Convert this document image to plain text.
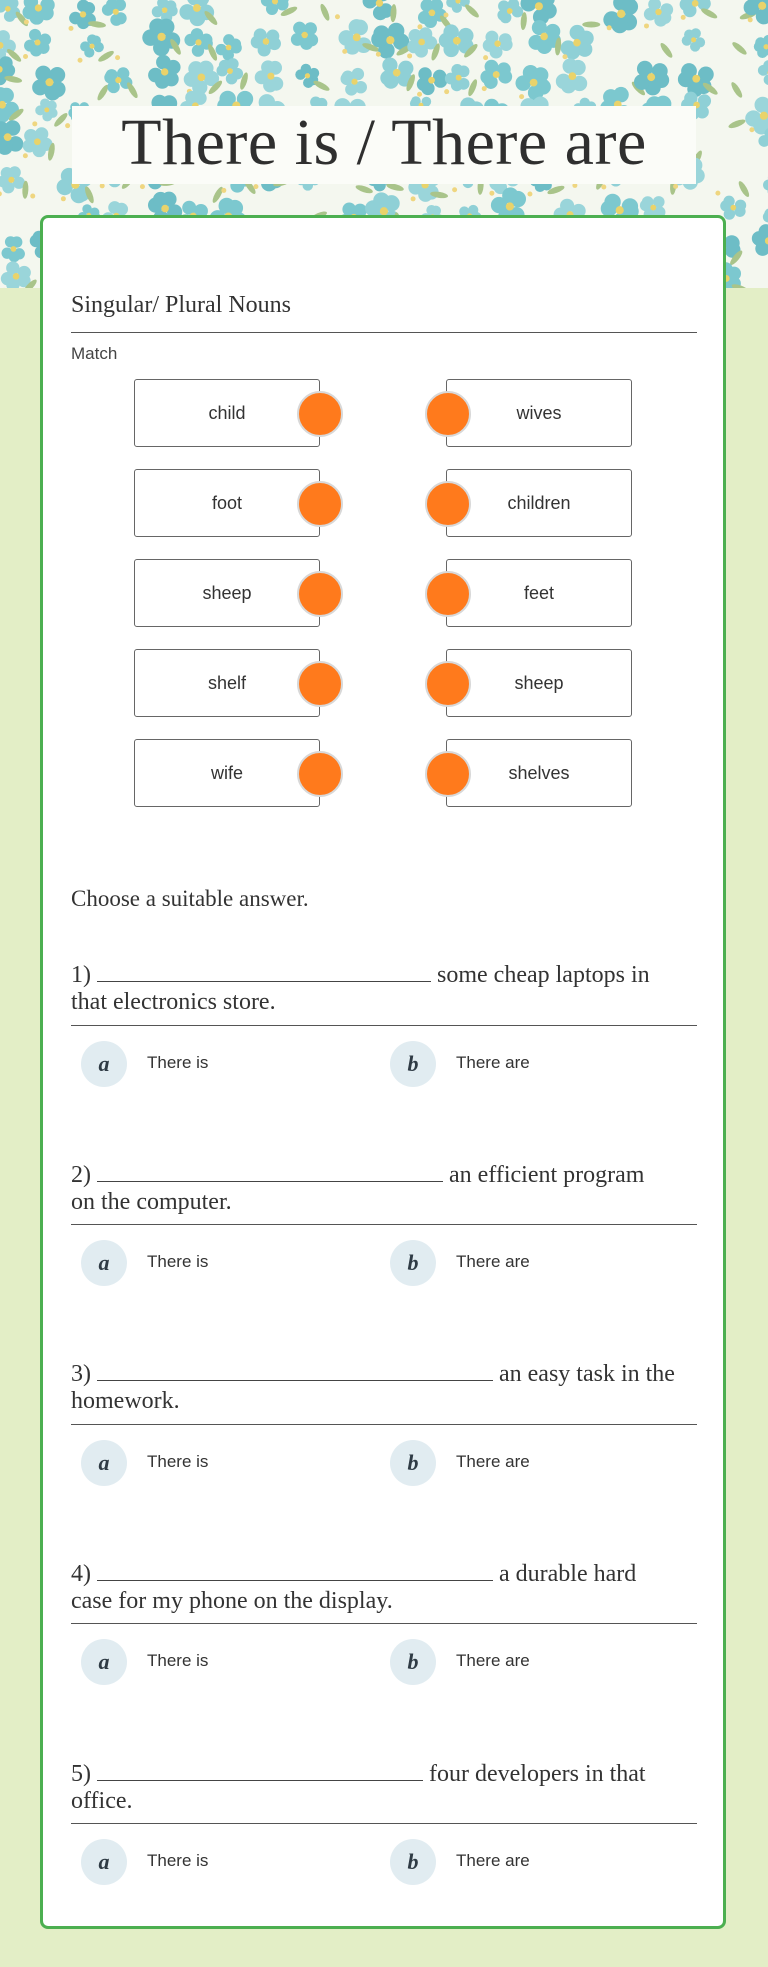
There is / There are
Singular/ Plural Nouns
Match
child
foot
sheep
shelf
wife
wives
children
feet
sheep
shelves
Choose a suitable answer.
1)	some cheap laptops in
that electronics store.
a	There is	b	There are
2)	an efficient program
on the computer.
a	There is	b	There are
3)	an easy task in the
homework.
a	There is	b	There are
4)	a durable hard
case for my phone on the display.
a	There is	b	There are
5)	four developers in that
office.
a	There is	b	There are
